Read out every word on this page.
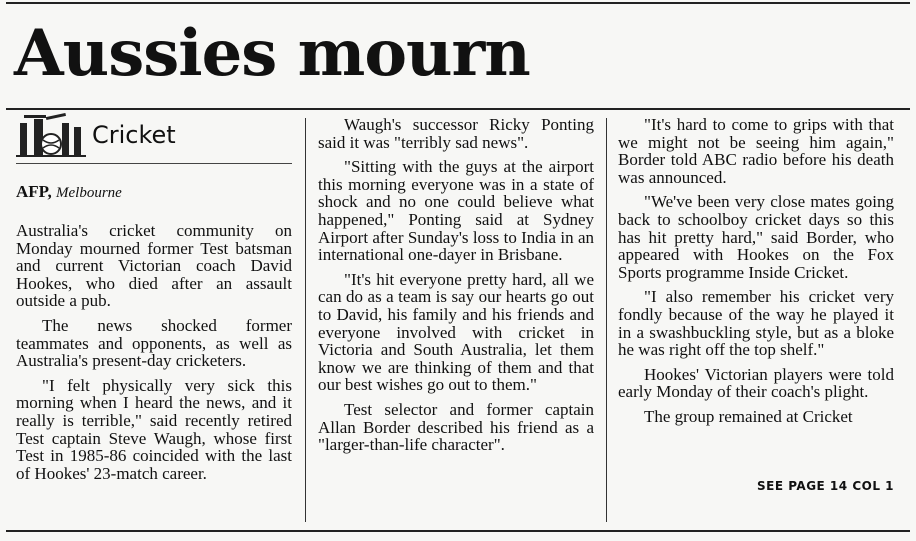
Aussies mourn
Cricket
AFP, Melbourne

Australia's cricket community on Monday mourned former Test batsman and current Victorian coach David Hookes, who died after an assault outside a pub.

The news shocked former teammates and opponents, as well as Australia's present-day cricketers.

"I felt physically very sick this morning when I heard the news, and it really is terrible," said recently retired Test captain Steve Waugh, whose first Test in 1985-86 coincided with the last of Hookes' 23-match career.

Waugh's successor Ricky Ponting said it was "terribly sad news".

"Sitting with the guys at the airport this morning everyone was in a state of shock and no one could believe what happened," Ponting said at Sydney Airport after Sunday's loss to India in an international one-dayer in Brisbane.

"It's hit everyone pretty hard, all we can do as a team is say our hearts go out to David, his family and his friends and everyone involved with cricket in Victoria and South Australia, let them know we are thinking of them and that our best wishes go out to them."

Test selector and former captain Allan Border described his friend as a "larger-than-life character".

"It's hard to come to grips with that we might not be seeing him again," Border told ABC radio before his death was announced.

"We've been very close mates going back to schoolboy cricket days so this has hit pretty hard," said Border, who appeared with Hookes on the Fox Sports programme Inside Cricket.

"I also remember his cricket very fondly because of the way he played it in a swashbuckling style, but as a bloke he was right off the top shelf."

Hookes' Victorian players were told early Monday of their coach's plight.

The group remained at Cricket

SEE PAGE 14 COL 1
